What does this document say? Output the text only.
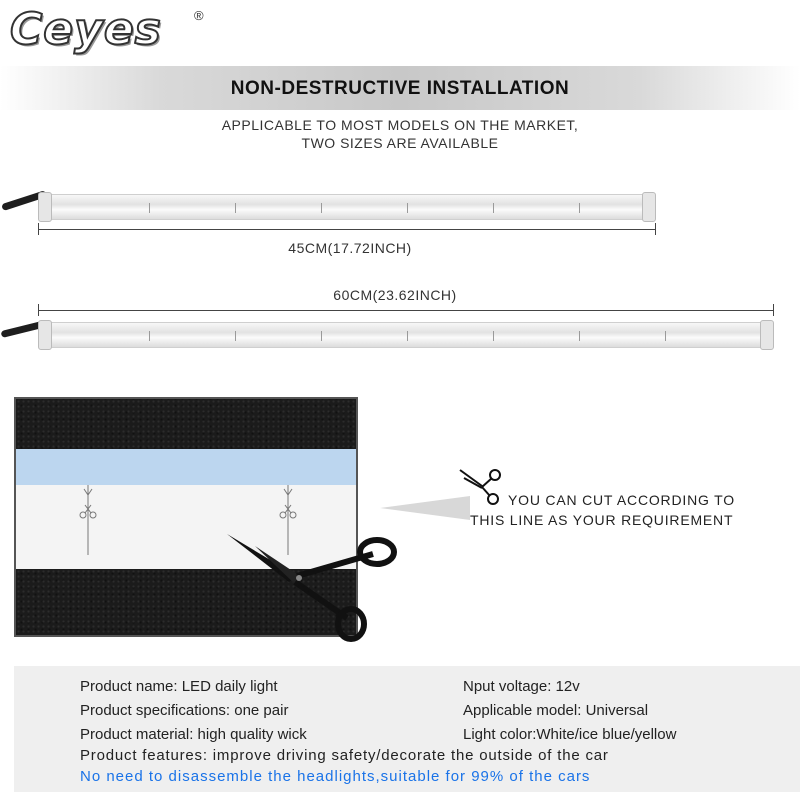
Ceyes ®
NON-DESTRUCTIVE INSTALLATION
APPLICABLE TO MOST MODELS ON THE MARKET,
TWO SIZES ARE AVAILABLE
45CM(17.72INCH)
60CM(23.62INCH)
YOU CAN CUT ACCORDING TO
THIS LINE AS YOUR REQUIREMENT
Product name: LED daily light	Nput voltage: 12v
Product specifications: one pair	Applicable model: Universal
Product material: high quality wick	Light color:White/ice blue/yellow
Product features: improve driving safety/decorate the outside of the car
No need to disassemble the headlights,suitable for 99% of the cars
